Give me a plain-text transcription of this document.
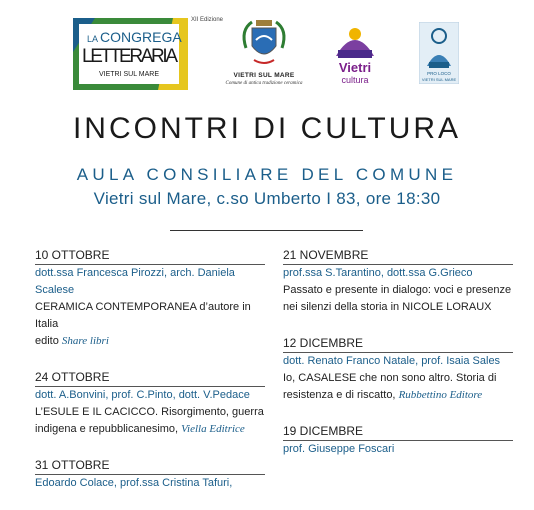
LA CONGREGA
LETTERARIA
VIETRI SUL MARE
XII Edizione
VIETRI SUL MARE
Comune di antica tradizione ceramica
Vietri
cultura
PRO LOCO
VIETRI SUL MARE
INCONTRI DI CULTURA
AULA CONSILIARE DEL COMUNE
Vietri sul Mare, c.so Umberto I 83, ore 18:30
10 OTTOBRE
dott.ssa Francesca Pirozzi, arch. Daniela Scalese
CERAMICA CONTEMPORANEA d’autore in Italia
edito Share libri
24 OTTOBRE
dott. A.Bonvini, prof. C.Pinto, dott. V.Pedace
L’ESULE E IL CACICCO. Risorgimento, guerra
indigena e repubblicanesimo, Viella Editrice
31 OTTOBRE
Edoardo Colace, prof.ssa Cristina Tafuri,
21 NOVEMBRE
prof.ssa S.Tarantino, dott.ssa G.Grieco
Passato e presente in dialogo: voci e presenze
nei silenzi della storia in NICOLE LORAUX
12 DICEMBRE
dott. Renato Franco Natale, prof. Isaia Sales
Io, CASALESE che non sono altro. Storia di
resistenza e di riscatto, Rubbettino Editore
19 DICEMBRE
prof. Giuseppe Foscari
